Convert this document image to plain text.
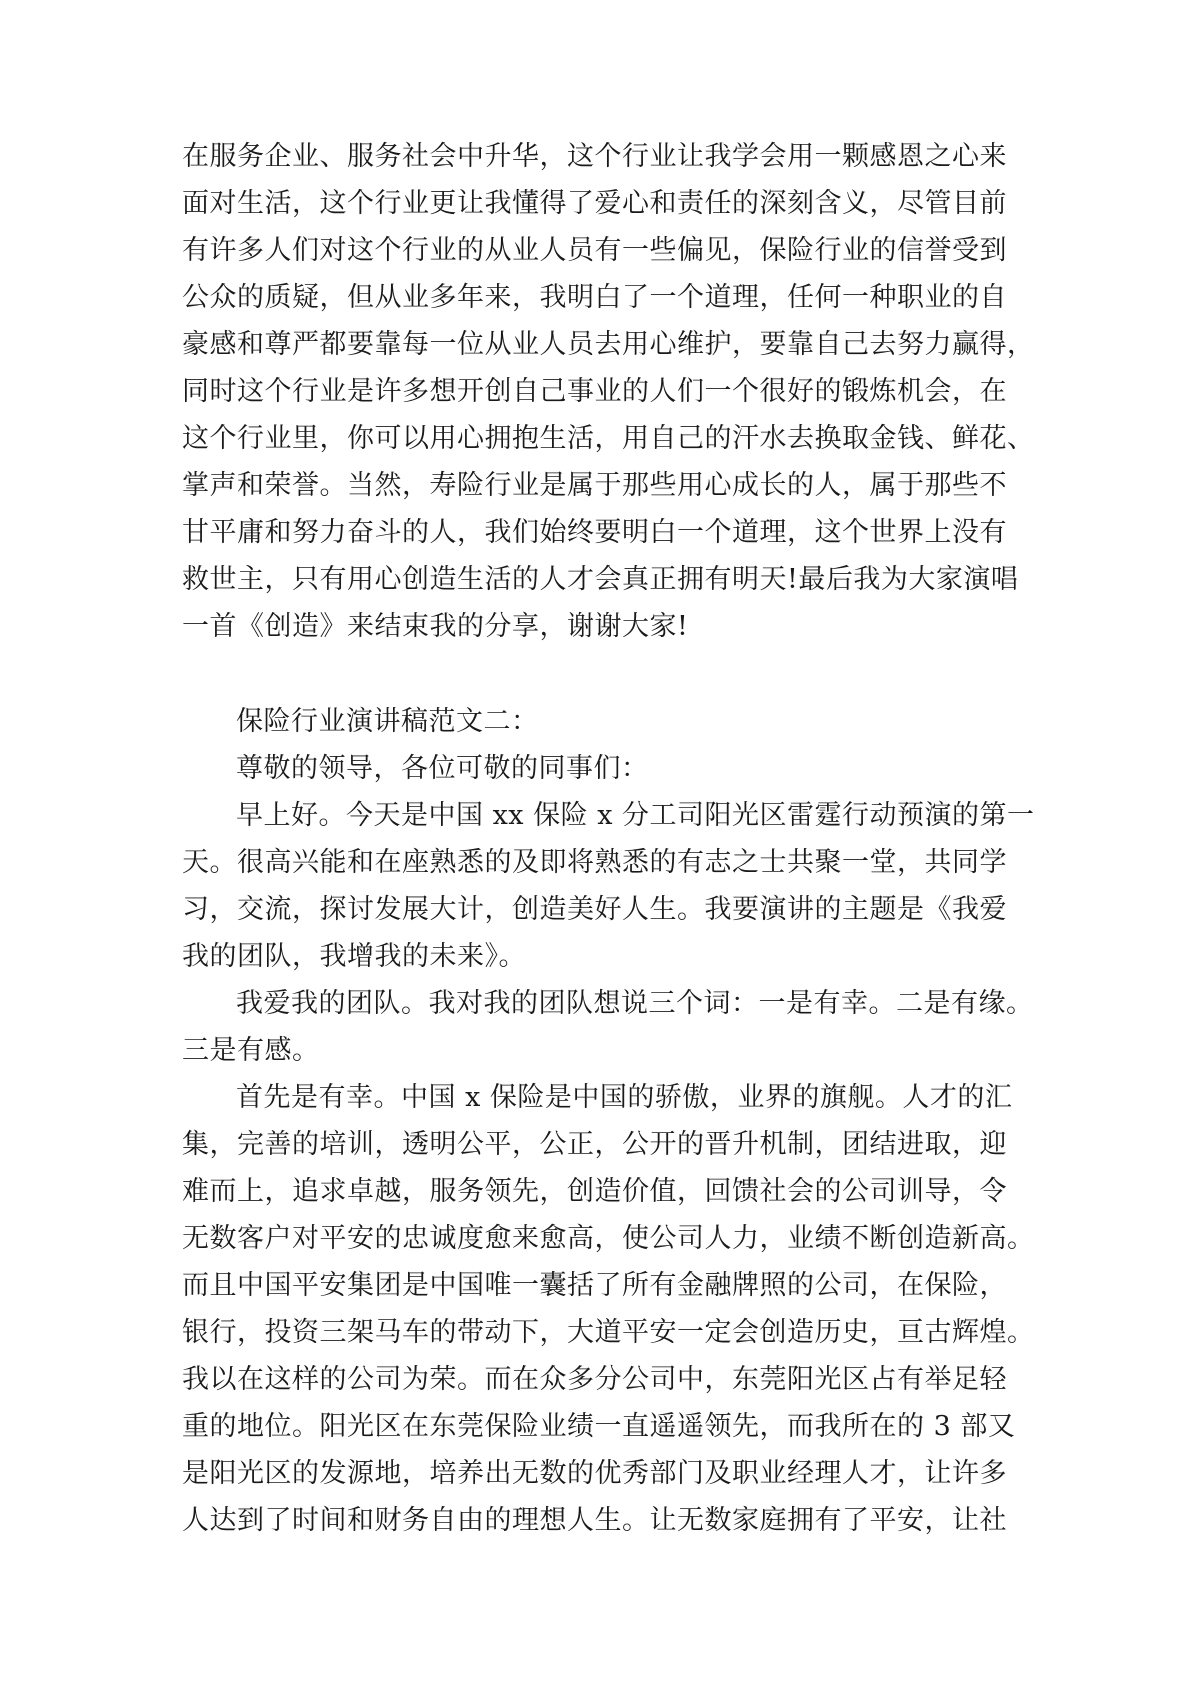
在服务企业、服务社会中升华，这个行业让我学会用一颗感恩之心来
面对生活，这个行业更让我懂得了爱心和责任的深刻含义，尽管目前
有许多人们对这个行业的从业人员有一些偏见，保险行业的信誉受到
公众的质疑，但从业多年来，我明白了一个道理，任何一种职业的自
豪感和尊严都要靠每一位从业人员去用心维护，要靠自己去努力赢得，
同时这个行业是许多想开创自己事业的人们一个很好的锻炼机会，在
这个行业里，你可以用心拥抱生活，用自己的汗水去换取金钱、鲜花、
掌声和荣誉。当然，寿险行业是属于那些用心成长的人，属于那些不
甘平庸和努力奋斗的人，我们始终要明白一个道理，这个世界上没有
救世主，只有用心创造生活的人才会真正拥有明天!最后我为大家演唱
一首《创造》来结束我的分享，谢谢大家!
保险行业演讲稿范文二：
尊敬的领导，各位可敬的同事们：
早上好。今天是中国 xx 保险 x 分工司阳光区雷霆行动预演的第一
天。很高兴能和在座熟悉的及即将熟悉的有志之士共聚一堂，共同学
习，交流，探讨发展大计，创造美好人生。我要演讲的主题是《我爱
我的团队，我增我的未来》。
我爱我的团队。我对我的团队想说三个词：一是有幸。二是有缘。
三是有感。
首先是有幸。中国 x 保险是中国的骄傲，业界的旗舰。人才的汇
集，完善的培训，透明公平，公正，公开的晋升机制，团结进取，迎
难而上，追求卓越，服务领先，创造价值，回馈社会的公司训导，令
无数客户对平安的忠诚度愈来愈高，使公司人力，业绩不断创造新高。
而且中国平安集团是中国唯一囊括了所有金融牌照的公司，在保险，
银行，投资三架马车的带动下，大道平安一定会创造历史，亘古辉煌。
我以在这样的公司为荣。而在众多分公司中，东莞阳光区占有举足轻
重的地位。阳光区在东莞保险业绩一直遥遥领先，而我所在的 3 部又
是阳光区的发源地，培养出无数的优秀部门及职业经理人才，让许多
人达到了时间和财务自由的理想人生。让无数家庭拥有了平安，让社
